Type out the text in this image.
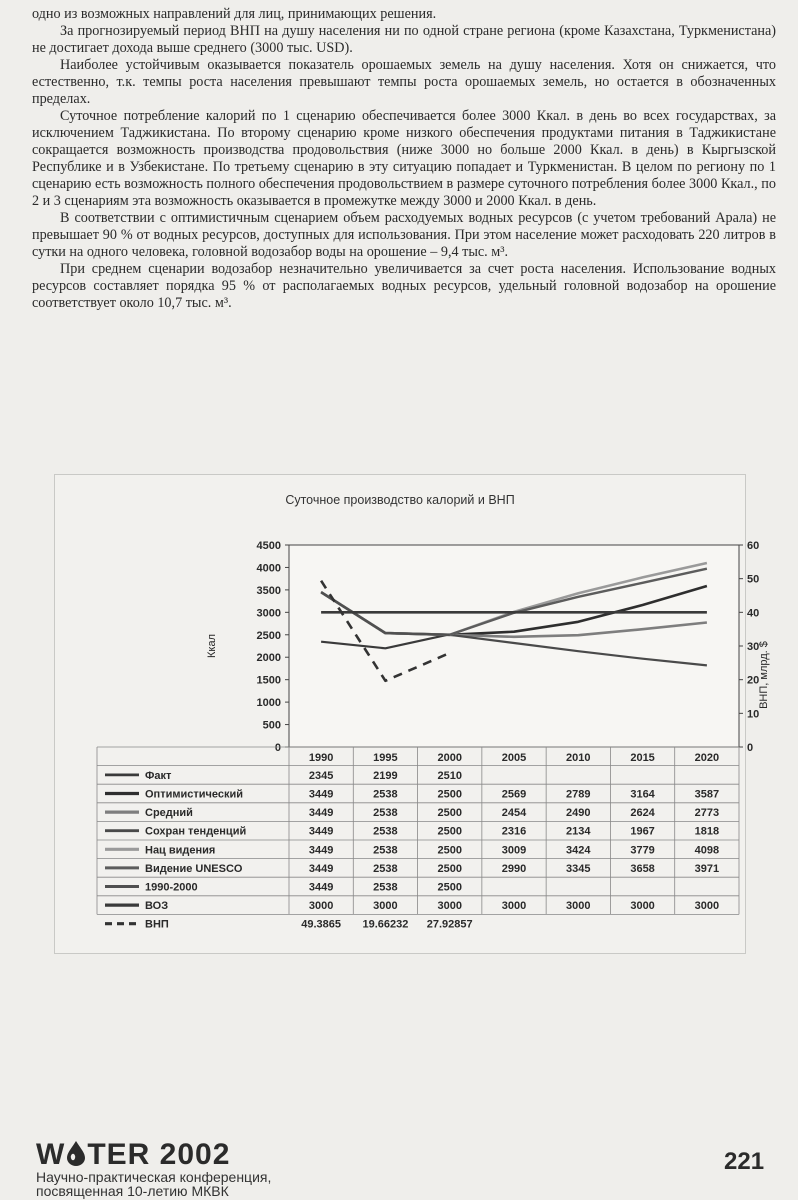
одно из возможных направлений для лиц, принимающих решения.

За прогнозируемый период ВНП на душу населения ни по одной стране региона (кроме Казахстана, Туркменистана) не достигает дохода выше среднего (3000 тыс. USD).

Наиболее устойчивым оказывается показатель орошаемых земель на душу населения. Хотя он снижается, что естественно, т.к. темпы роста населения превышают темпы роста орошаемых земель, но остается в обозначенных пределах.

Суточное потребление калорий по 1 сценарию обеспечивается более 3000 Ккал. в день во всех государствах, за исключением Таджикистана. По второму сценарию кроме низкого обеспечения продуктами питания в Таджикистане сокращается возможность производства продовольствия (ниже 3000 но больше 2000 Ккал. в день) в Кыргызской Республике и в Узбекистане. По третьему сценарию в эту ситуацию попадает и Туркменистан. В целом по региону по 1 сценарию есть возможность полного обеспечения продовольствием в размере суточного потребления более 3000 Ккал., по 2 и 3 сценариям эта возможность оказывается в промежутке между 3000 и 2000 Ккал. в день.

В соответствии с оптимистичным сценарием объем расходуемых водных ресурсов (с учетом требований Арала) не превышает 90 % от водных ресурсов, доступных для использования. При этом население может расходовать 220 литров в сутки на одного человека, головной водозабор воды на орошение – 9,4 тыс. м³.

При среднем сценарии водозабор незначительно увеличивается за счет роста населения. Использование водных ресурсов составляет порядка 95 % от располагаемых водных ресурсов, удельный головной водозабор на орошение соответствует около 10,7 тыс. м³.

Суточное производство калорий и ВНП
0
500
1000
1500
2000
2500
3000
3500
4000
4500
0
10
20
30
40
50
60
Ккал	ВНП, млрд. $
1990	1995	2000	2005	2010	2015	2020
Факт	2345	2199	2510
Оптимистический	3449	2538	2500	2569	2789	3164	3587
Средний	3449	2538	2500	2454	2490	2624	2773
Сохран тенденций	3449	2538	2500	2316	2134	1967	1818
Нац видения	3449	2538	2500	3009	3424	3779	4098
Видение UNESCO	3449	2538	2500	2990	3345	3658	3971
1990-2000	3449	2538	2500
ВОЗ	3000	3000	3000	3000	3000	3000	3000
ВНП	49.3865 19.66232 27.92857
W TER 2002
Научно-практическая конференция,
посвященная 10-летию МКВК
221
